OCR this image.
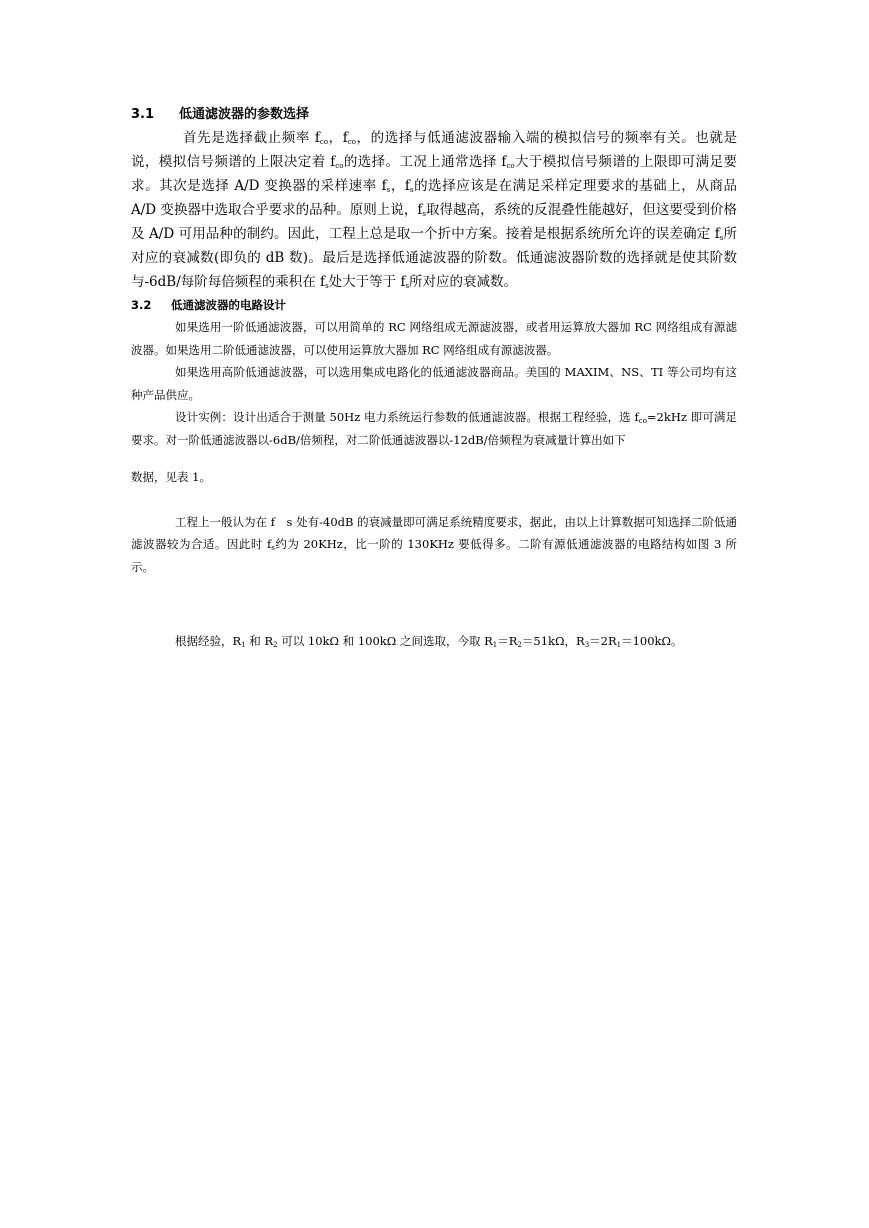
3.1 低通滤波器的参数选择

首先是选择截止频率 $f_{co}$，$f_{co}$，的选择与低通滤波器输入端的模拟信号的频率有关。也就是说，模拟信号频谱的上限决定着 $f_{co}$的选择。工况上通常选择 $f_{co}$大于模拟信号频谱的上限即可满足要求。其次是选择 A/D 变换器的采样速率 $f_s$，$f_s$的选择应该是在满足采样定理要求的基础上，从商品 A/D 变换器中选取合乎要求的品种。原则上说，$f_s$取得越高，系统的反混叠性能越好，但这要受到价格及 A/D 可用品种的制约。因此，工程上总是取一个折中方案。接着是根据系统所允许的误差确定 $f_s$所对应的衰减数(即负的 dB 数)。最后是选择低通滤波器的阶数。低通滤波器阶数的选择就是使其阶数与-6dB/每阶每倍频程的乘积在 $f_s$处大于等于 $f_s$所对应的衰减数。

3.2 低通滤波器的电路设计

如果选用一阶低通滤波器，可以用简单的 RC 网络组成无源滤波器，或者用运算放大器加 RC 网络组成有源滤波器。如果选用二阶低通滤波器，可以使用运算放大器加 RC 网络组成有源滤波器。

如果选用高阶低通滤波器，可以选用集成电路化的低通滤波器商品。美国的 MAXIM、NS、TI 等公司均有这种产品供应。

设计实例：设计出适合于测量 50Hz 电力系统运行参数的低通滤波器。根据工程经验，选 $f_{co}=2kHz$ 即可满足要求。对一阶低通滤波器以-6dB/倍频程，对二阶低通滤波器以-12dB/倍频程为衰减量计算出如下

数据，见表 1。

工程上一般认为在 f　s 处有-40dB 的衰减量即可满足系统精度要求，据此，由以上计算数据可知选择二阶低通滤波器较为合适。因此时 $f_s$约为 20KHz，比一阶的 130KHz 要低得多。二阶有源低通滤波器的电路结构如图 3 所示。

根据经验，$R_1$ 和 $R_2$ 可以 10kΩ 和 100kΩ 之间选取，今取 $R_1=R_2=51k\Omega$，$R_3=2R_1=100k\Omega$。
